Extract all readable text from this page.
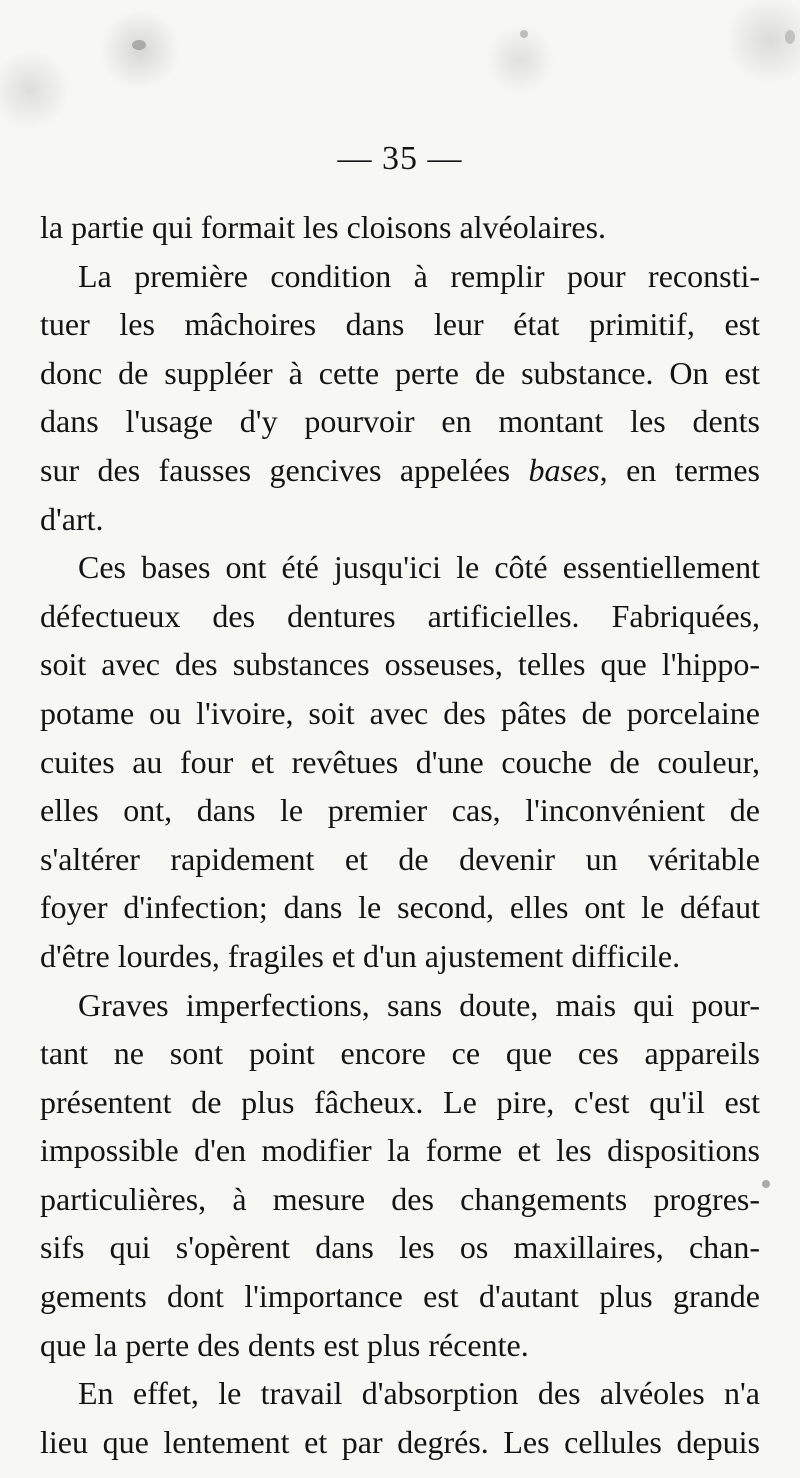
— 35 —
la partie qui formait les cloisons alvéolaires.
La première condition à remplir pour reconsti-
tuer les mâchoires dans leur état primitif, est
donc de suppléer à cette perte de substance. On est
dans l'usage d'y pourvoir en montant les dents
sur des fausses gencives appelées bases, en termes
d'art.
Ces bases ont été jusqu'ici le côté essentiellement
défectueux des dentures artificielles. Fabriquées,
soit avec des substances osseuses, telles que l'hippo-
potame ou l'ivoire, soit avec des pâtes de porcelaine
cuites au four et revêtues d'une couche de couleur,
elles ont, dans le premier cas, l'inconvénient de
s'altérer rapidement et de devenir un véritable
foyer d'infection; dans le second, elles ont le défaut
d'être lourdes, fragiles et d'un ajustement difficile.
Graves imperfections, sans doute, mais qui pour-
tant ne sont point encore ce que ces appareils
présentent de plus fâcheux. Le pire, c'est qu'il est
impossible d'en modifier la forme et les dispositions
particulières, à mesure des changements progres-
sifs qui s'opèrent dans les os maxillaires, chan-
gements dont l'importance est d'autant plus grande
que la perte des dents est plus récente.
En effet, le travail d'absorption des alvéoles n'a
lieu que lentement et par degrés. Les cellules depuis
